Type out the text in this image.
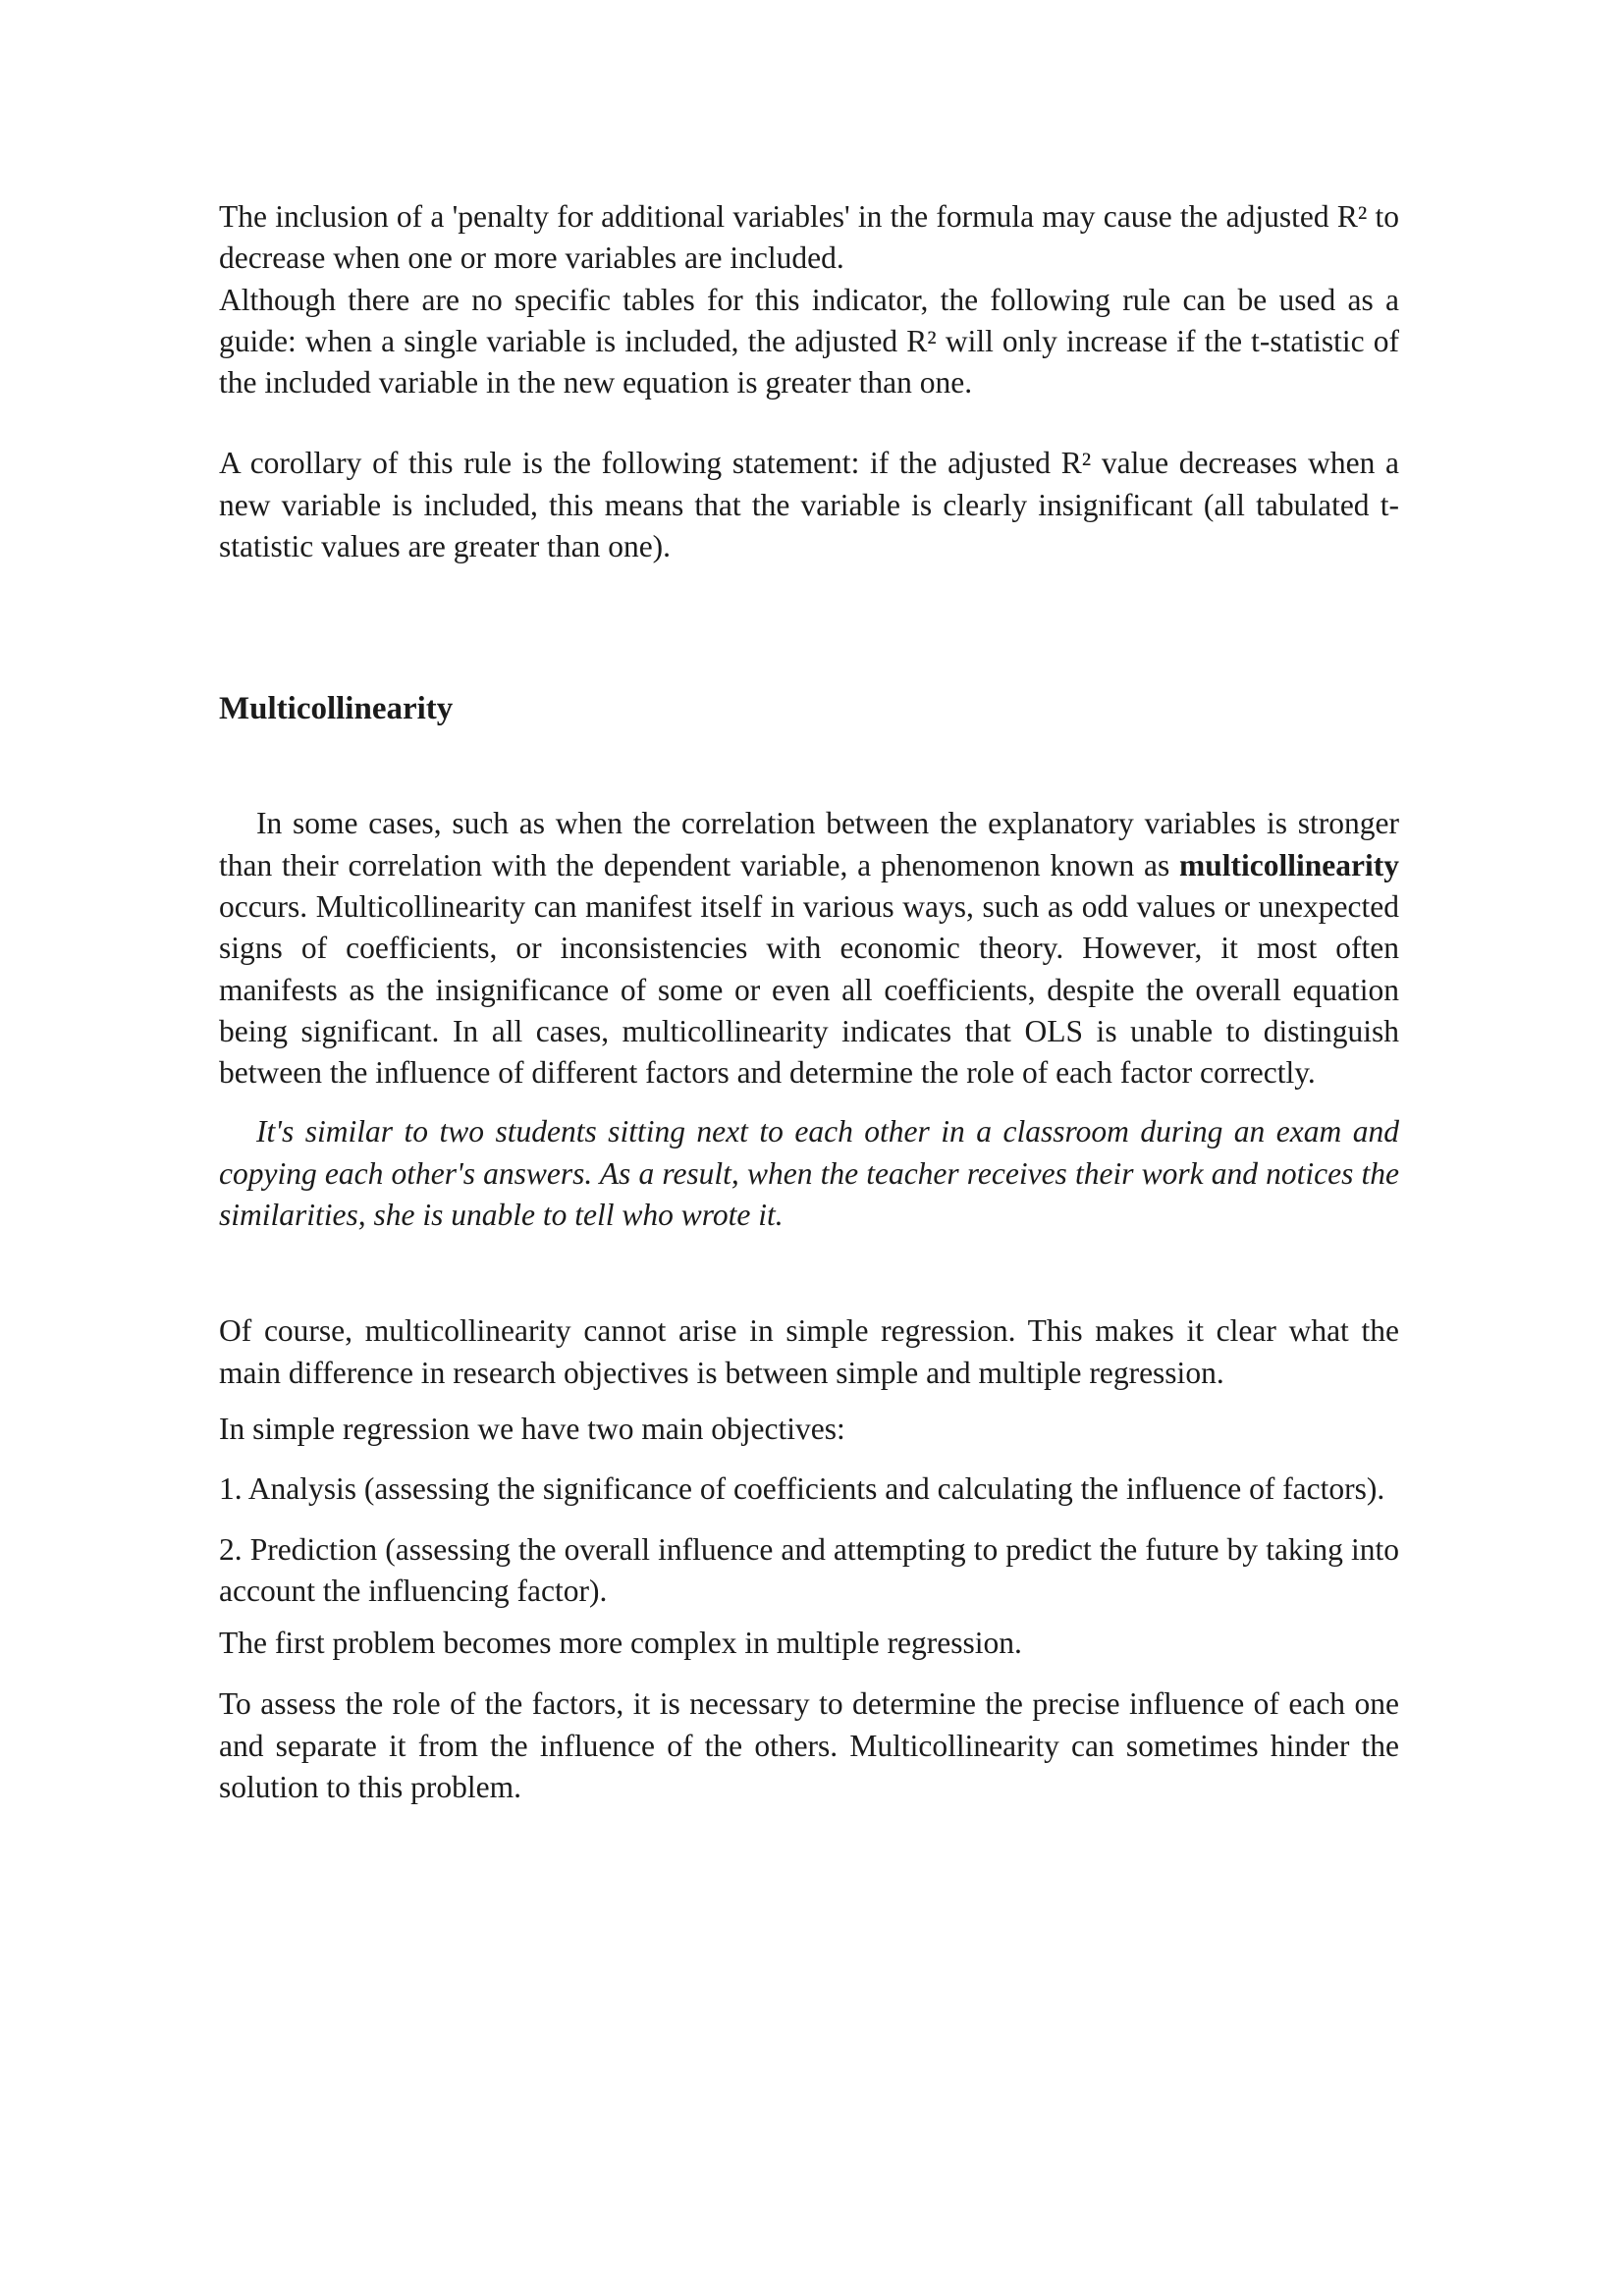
The inclusion of a 'penalty for additional variables' in the formula may cause the adjusted R² to decrease when one or more variables are included.

Although there are no specific tables for this indicator, the following rule can be used as a guide: when a single variable is included, the adjusted R² will only increase if the t-statistic of the included variable in the new equation is greater than one.

A corollary of this rule is the following statement: if the adjusted R² value decreases when a new variable is included, this means that the variable is clearly insignificant (all tabulated t-statistic values are greater than one).

Multicollinearity

In some cases, such as when the correlation between the explanatory variables is stronger than their correlation with the dependent variable, a phenomenon known as multicollinearity occurs. Multicollinearity can manifest itself in various ways, such as odd values or unexpected signs of coefficients, or inconsistencies with economic theory. However, it most often manifests as the insignificance of some or even all coefficients, despite the overall equation being significant. In all cases, multicollinearity indicates that OLS is unable to distinguish between the influence of different factors and determine the role of each factor correctly.

It's similar to two students sitting next to each other in a classroom during an exam and copying each other's answers. As a result, when the teacher receives their work and notices the similarities, she is unable to tell who wrote it.

Of course, multicollinearity cannot arise in simple regression. This makes it clear what the main difference in research objectives is between simple and multiple regression.

In simple regression we have two main objectives:

1. Analysis (assessing the significance of coefficients and calculating the influence of factors).

2. Prediction (assessing the overall influence and attempting to predict the future by taking into account the influencing factor).

The first problem becomes more complex in multiple regression.

To assess the role of the factors, it is necessary to determine the precise influence of each one and separate it from the influence of the others. Multicollinearity can sometimes hinder the solution to this problem.
